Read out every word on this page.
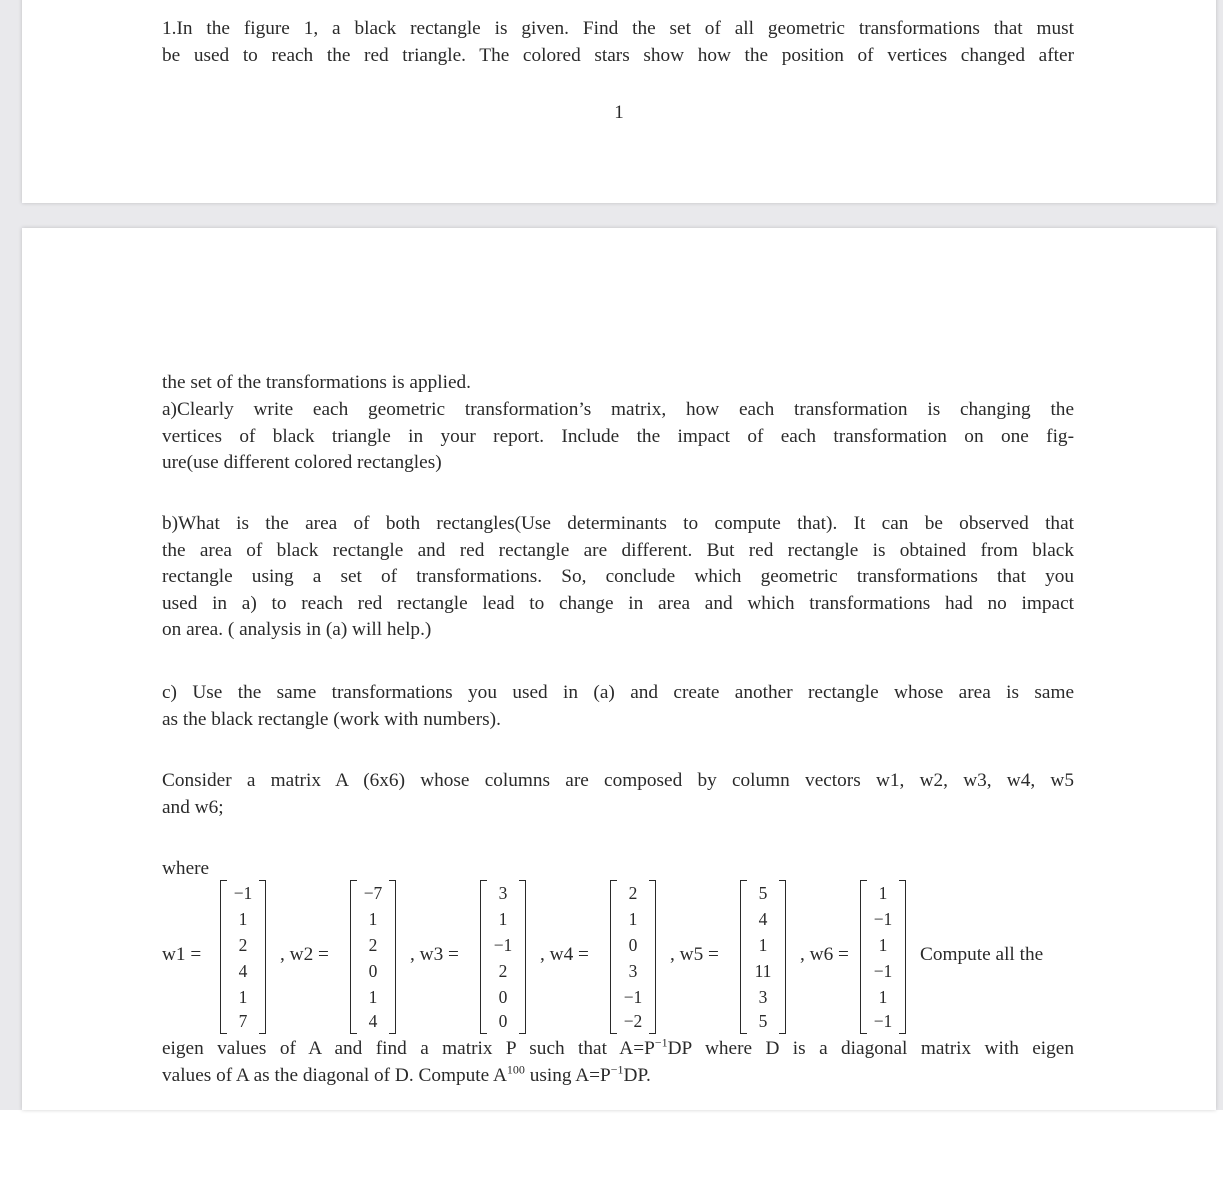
1.In the figure 1, a black rectangle is given. Find the set of all geometric transformations that must
be used to reach the red triangle. The colored stars show how the position of vertices changed after
1
the set of the transformations is applied.
a)Clearly write each geometric transformation’s matrix, how each transformation is changing the
vertices of black triangle in your report. Include the impact of each transformation on one fig-
ure(use different colored rectangles)
b)What is the area of both rectangles(Use determinants to compute that). It can be observed that
the area of black rectangle and red rectangle are different. But red rectangle is obtained from black
rectangle using a set of transformations. So, conclude which geometric transformations that you
used in a) to reach red rectangle lead to change in area and which transformations had no impact
on area. ( analysis in (a) will help.)
c) Use the same transformations you used in (a) and create another rectangle whose area is same
as the black rectangle (work with numbers).
Consider a matrix A (6x6) whose columns are composed by column vectors w1, w2, w3, w4, w5
and w6;
where
w1 =
−1
1
2
4
1
7
, w2 =
−7
1
2
0
1
4
, w3 =
3
1
−1
2
0
0
, w4 =
2
1
0
3
−1
−2
, w5 =
5
4
1
11
3
5
, w6 =
1
−1
1
−1
1
−1
Compute all the
eigen values of A and find a matrix P such that $A=P^{-1}DP$ where D is a diagonal matrix with eigen
values of A as the diagonal of D. Compute $A^{100}$ using $A=P^{-1}DP$.
